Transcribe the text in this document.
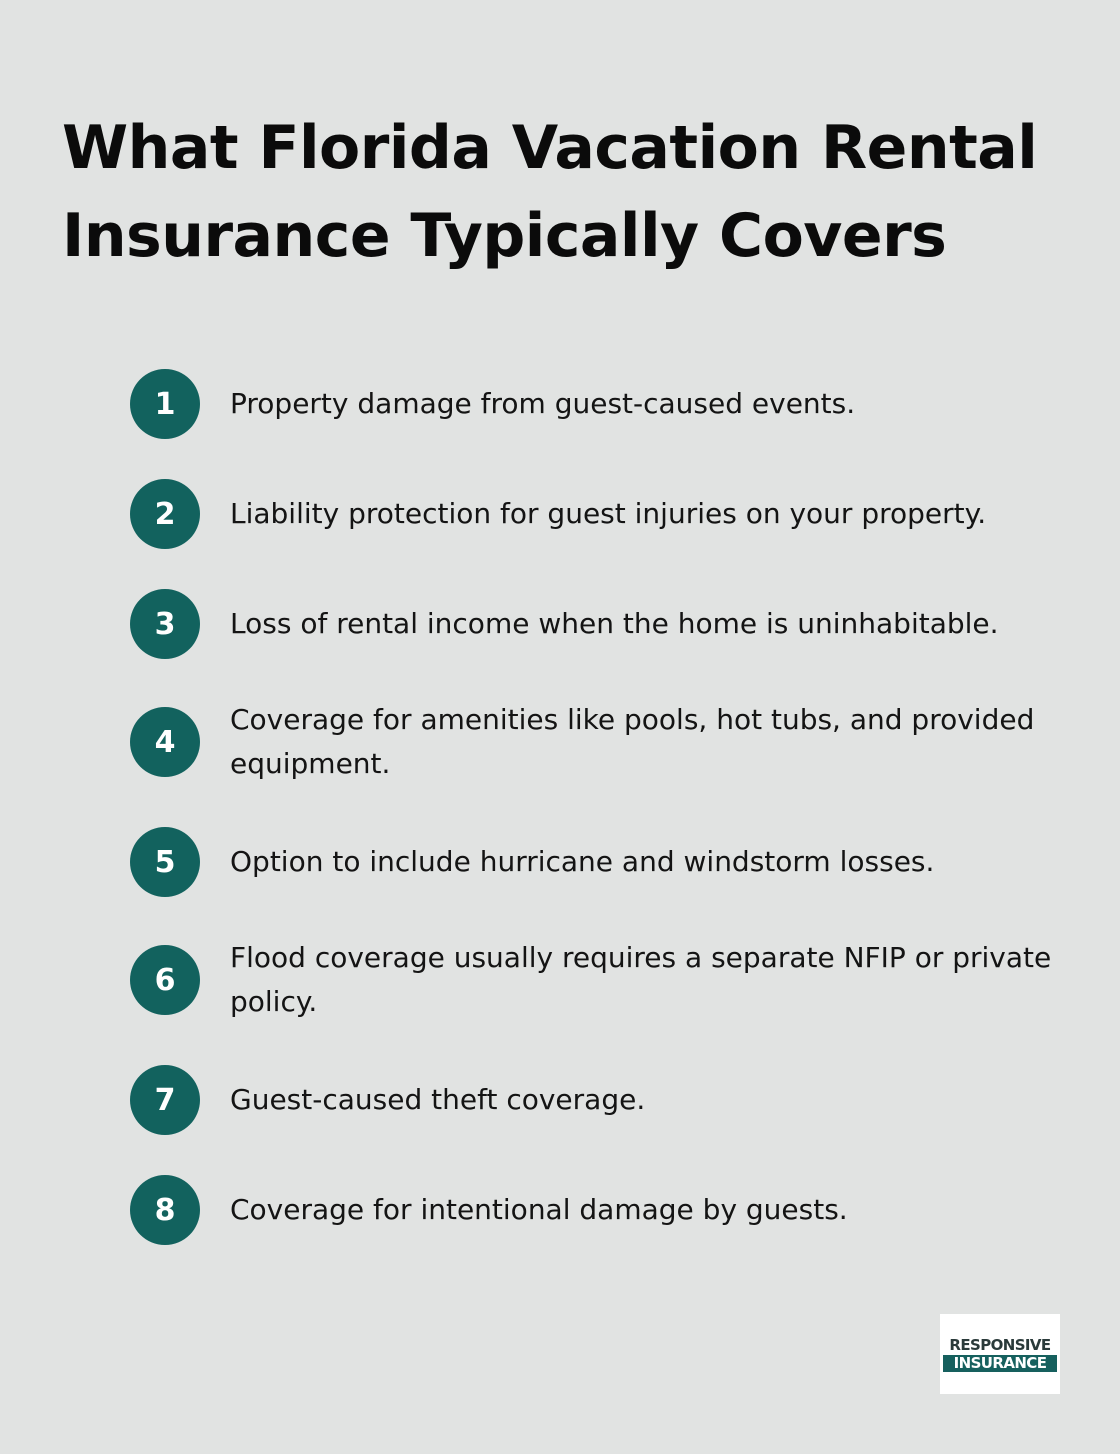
What Florida Vacation Rental Insurance Typically Covers
1	Property damage from guest-caused events.
2	Liability protection for guest injuries on your property.
3	Loss of rental income when the home is uninhabitable.
4
Coverage for amenities like pools, hot tubs, and provided equipment.
5	Option to include hurricane and windstorm losses.
6
Flood coverage usually requires a separate NFIP or private policy.
7	Guest-caused theft coverage.
8	Coverage for intentional damage by guests.
RESPONSIVE
INSURANCE
